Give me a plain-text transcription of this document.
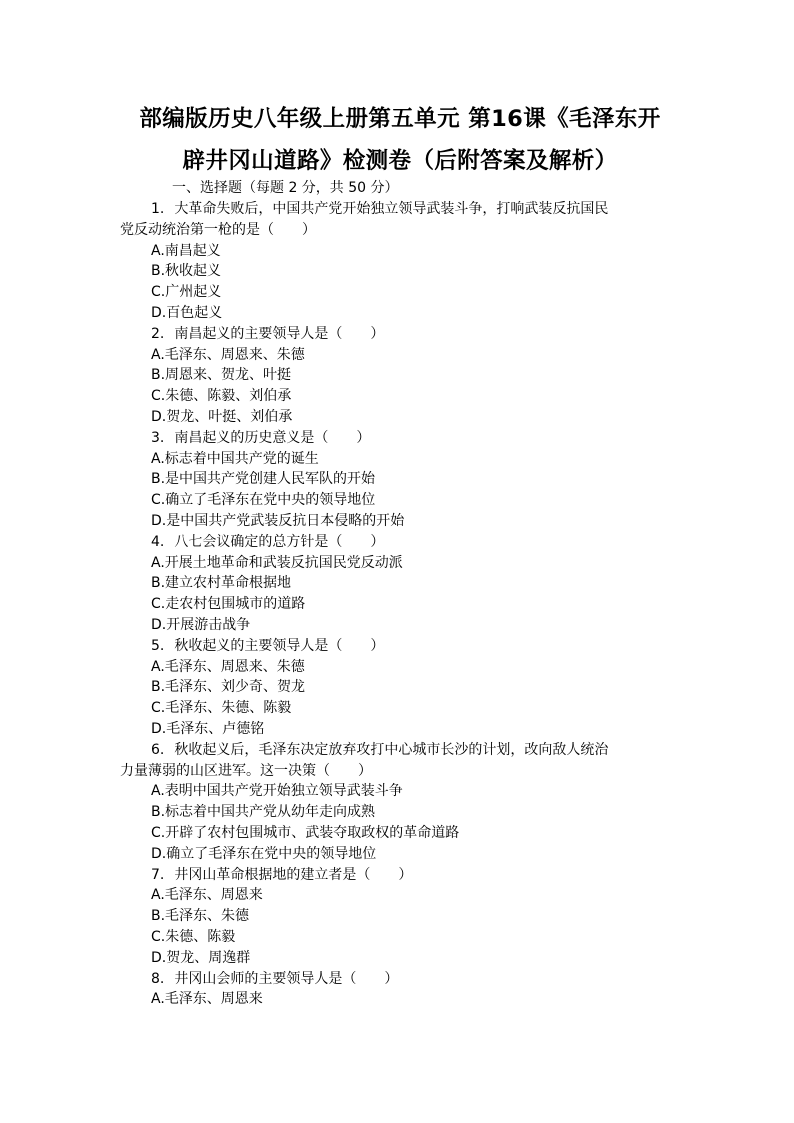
部编版历史八年级上册第五单元 第16课《毛泽东开
辟井冈山道路》检测卷（后附答案及解析）
一、选择题（每题 2 分，共 50 分）
1. 大革命失败后，中国共产党开始独立领导武装斗争，打响武装反抗国民
党反动统治第一枪的是（　　）
A.南昌起义
B.秋收起义
C.广州起义
D.百色起义
2. 南昌起义的主要领导人是（　　）
A.毛泽东、周恩来、朱德
B.周恩来、贺龙、叶挺
C.朱德、陈毅、刘伯承
D.贺龙、叶挺、刘伯承
3. 南昌起义的历史意义是（　　）
A.标志着中国共产党的诞生
B.是中国共产党创建人民军队的开始
C.确立了毛泽东在党中央的领导地位
D.是中国共产党武装反抗日本侵略的开始
4. 八七会议确定的总方针是（　　）
A.开展土地革命和武装反抗国民党反动派
B.建立农村革命根据地
C.走农村包围城市的道路
D.开展游击战争
5. 秋收起义的主要领导人是（　　）
A.毛泽东、周恩来、朱德
B.毛泽东、刘少奇、贺龙
C.毛泽东、朱德、陈毅
D.毛泽东、卢德铭
6. 秋收起义后，毛泽东决定放弃攻打中心城市长沙的计划，改向敌人统治
力量薄弱的山区进军。这一决策（　　）
A.表明中国共产党开始独立领导武装斗争
B.标志着中国共产党从幼年走向成熟
C.开辟了农村包围城市、武装夺取政权的革命道路
D.确立了毛泽东在党中央的领导地位
7. 井冈山革命根据地的建立者是（　　）
A.毛泽东、周恩来
B.毛泽东、朱德
C.朱德、陈毅
D.贺龙、周逸群
8. 井冈山会师的主要领导人是（　　）
A.毛泽东、周恩来
